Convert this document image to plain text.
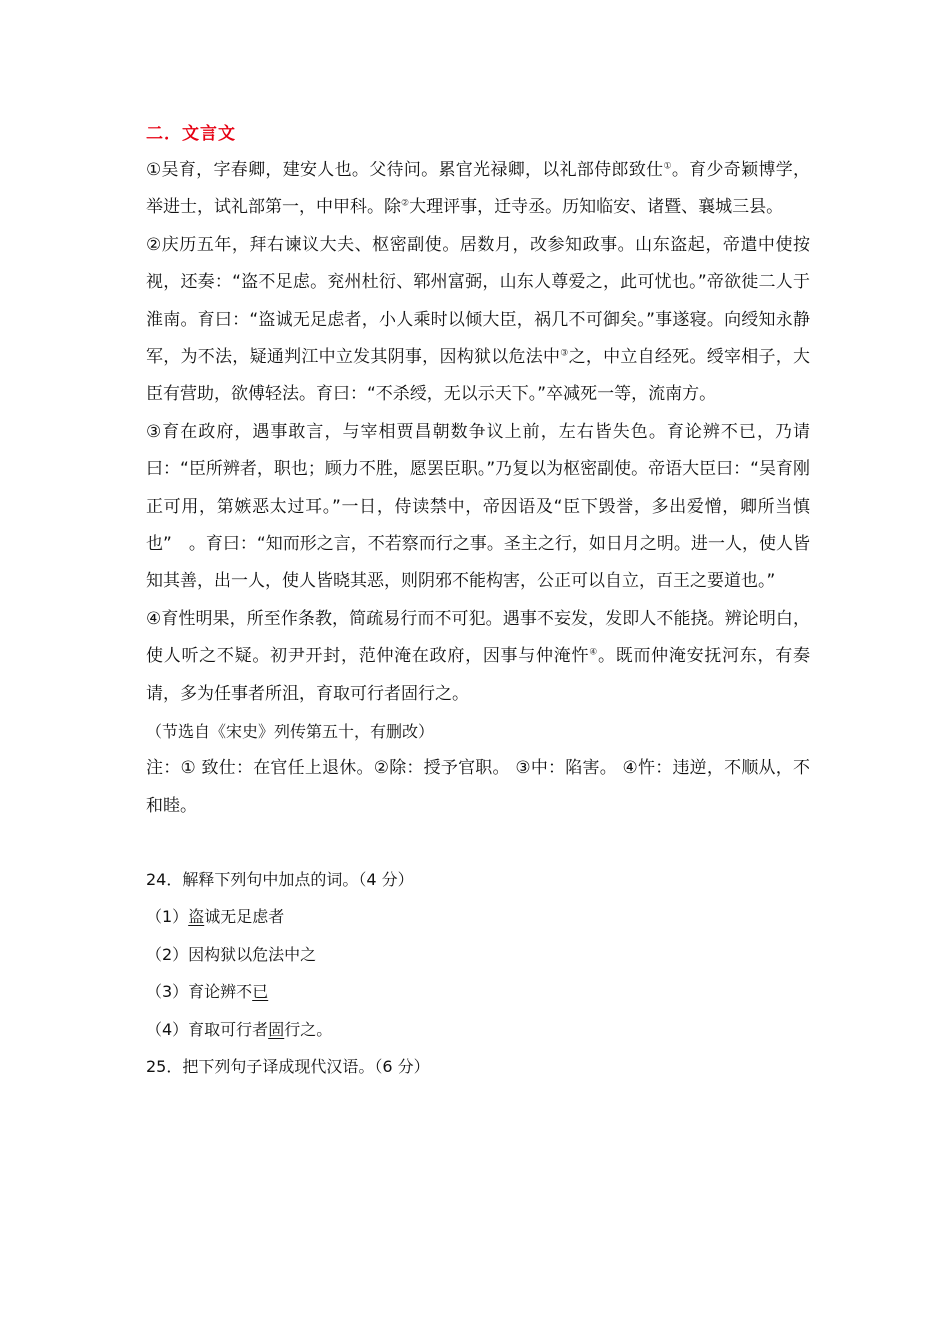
二．文言文

①吴育，字春卿，建安人也。父待问。累官光禄卿，以礼部侍郎致仕①。育少奇颖博学，举进士，试礼部第一，中甲科。除②大理评事，迁寺丞。历知临安、诸暨、襄城三县。

②庆历五年，拜右谏议大夫、枢密副使。居数月，改参知政事。山东盗起，帝遣中使按视，还奏：“盗不足虑。兖州杜衍、郓州富弼，山东人尊爱之，此可忧也。”帝欲徙二人于淮南。育曰：“盗诚无足虑者，小人乘时以倾大臣，祸几不可御矣。”事遂寝。向绶知永静军，为不法，疑通判江中立发其阴事，因构狱以危法中③之，中立自经死。绶宰相子，大臣有营助，欲傅轻法。育曰：“不杀绶，无以示天下。”卒减死一等，流南方。

③育在政府，遇事敢言，与宰相贾昌朝数争议上前，左右皆失色。育论辨不已，乃请曰：“臣所辨者，职也；顾力不胜，愿罢臣职。”乃复以为枢密副使。帝语大臣曰：“吴育刚正可用，第嫉恶太过耳。”一日，侍读禁中，帝因语及“臣下毁誉，多出爱憎，卿所当慎也”　。育曰：“知而形之言，不若察而行之事。圣主之行，如日月之明。进一人，使人皆知其善，出一人，使人皆晓其恶，则阴邪不能构害，公正可以自立，百王之要道也。”

④育性明果，所至作条教，简疏易行而不可犯。遇事不妄发，发即人不能挠。辨论明白，使人听之不疑。初尹开封，范仲淹在政府，因事与仲淹忤④。既而仲淹安抚河东，有奏请，多为任事者所沮，育取可行者固行之。

（节选自《宋史》列传第五十，有删改）

注：① 致仕：在官任上退休。②除：授予官职。 ③中：陷害。 ④忤：违逆，不顺从，不和睦。

24．解释下列句中加点的词。（4 分）

（1）盗诚无足虑者

（2）因构狱以危法中之

（3）育论辨不已

（4）育取可行者固行之。

25．把下列句子译成现代汉语。（6 分）
